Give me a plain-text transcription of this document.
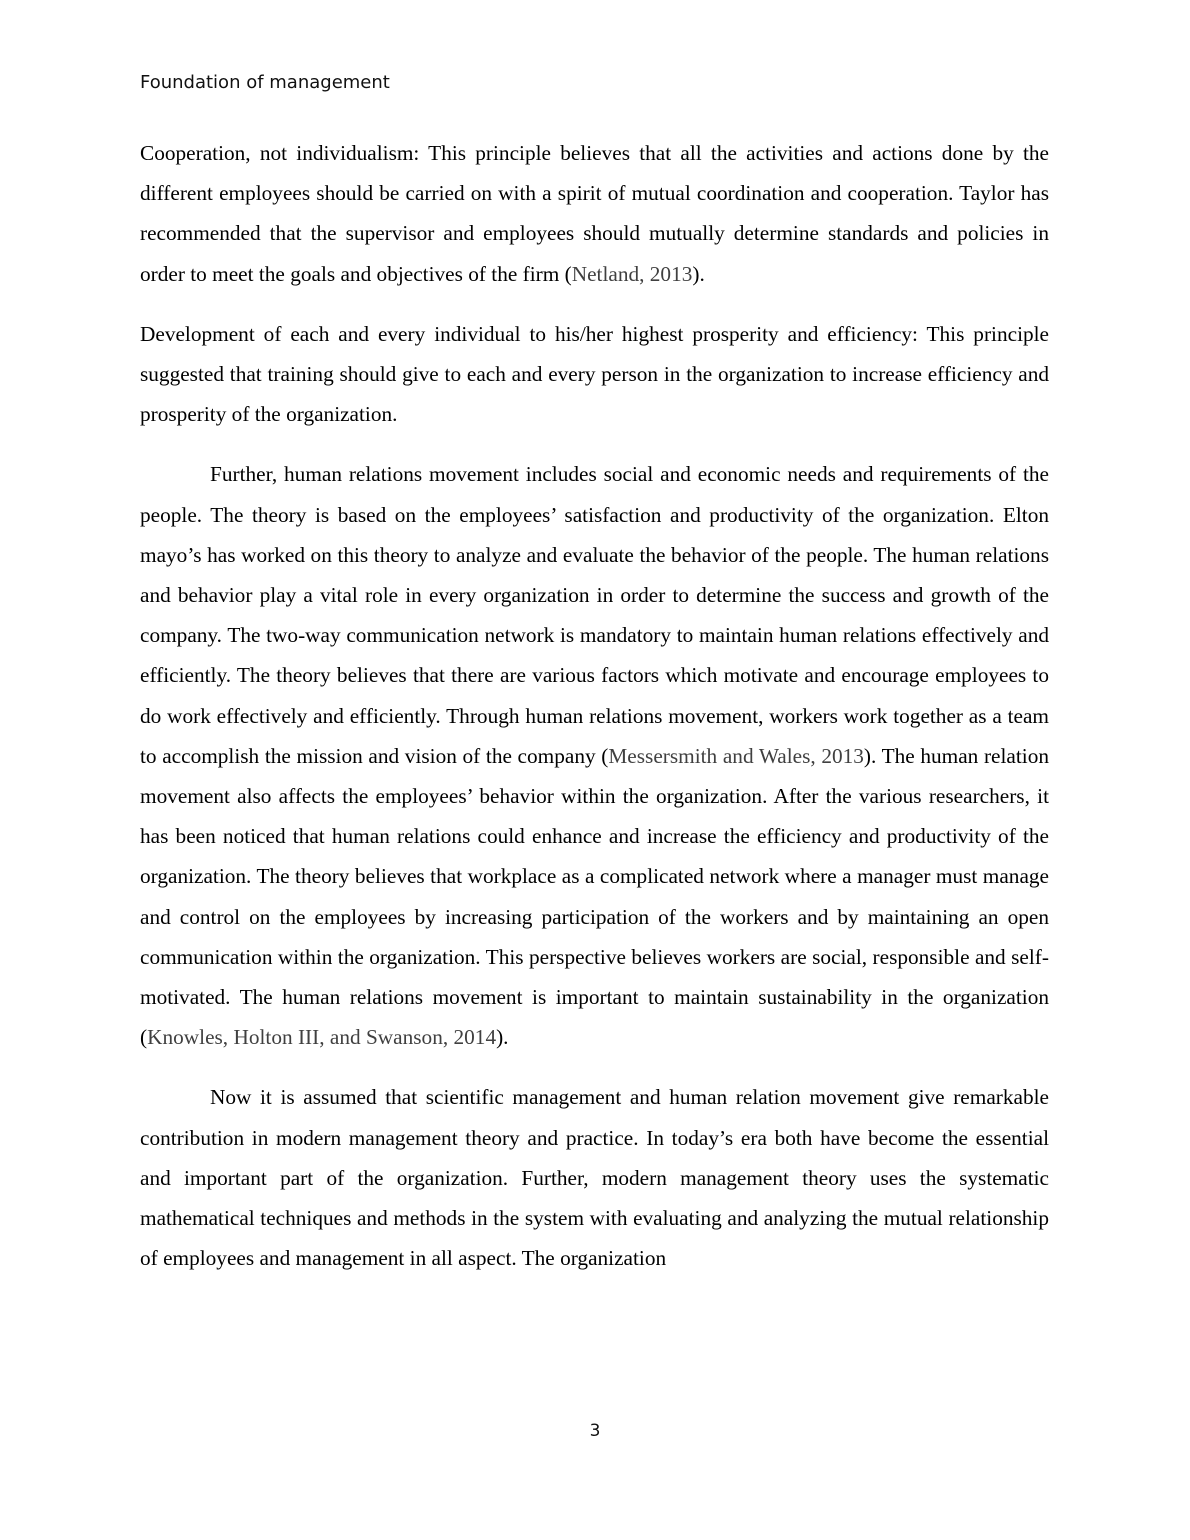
Foundation of management

Cooperation, not individualism: This principle believes that all the activities and actions done by the different employees should be carried on with a spirit of mutual coordination and cooperation. Taylor has recommended that the supervisor and employees should mutually determine standards and policies in order to meet the goals and objectives of the firm (Netland, 2013).

Development of each and every individual to his/her highest prosperity and efficiency: This principle suggested that training should give to each and every person in the organization to increase efficiency and prosperity of the organization.

Further, human relations movement includes social and economic needs and requirements of the people. The theory is based on the employees’ satisfaction and productivity of the organization. Elton mayo’s has worked on this theory to analyze and evaluate the behavior of the people. The human relations and behavior play a vital role in every organization in order to determine the success and growth of the company. The two-way communication network is mandatory to maintain human relations effectively and efficiently. The theory believes that there are various factors which motivate and encourage employees to do work effectively and efficiently. Through human relations movement, workers work together as a team to accomplish the mission and vision of the company (Messersmith and Wales, 2013). The human relation movement also affects the employees’ behavior within the organization. After the various researchers, it has been noticed that human relations could enhance and increase the efficiency and productivity of the organization. The theory believes that workplace as a complicated network where a manager must manage and control on the employees by increasing participation of the workers and by maintaining an open communication within the organization. This perspective believes workers are social, responsible and self-motivated. The human relations movement is important to maintain sustainability in the organization (Knowles, Holton III, and Swanson, 2014).

Now it is assumed that scientific management and human relation movement give remarkable contribution in modern management theory and practice. In today’s era both have become the essential and important part of the organization. Further, modern management theory uses the systematic mathematical techniques and methods in the system with evaluating and analyzing the mutual relationship of employees and management in all aspect. The organization

3
